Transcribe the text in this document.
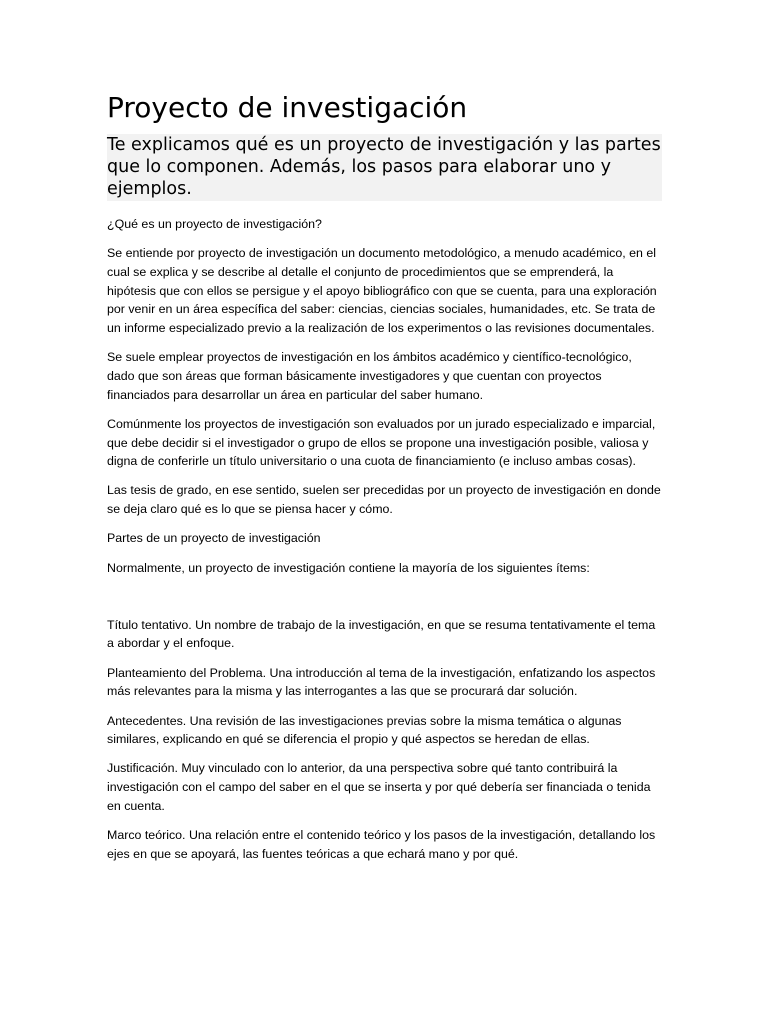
Proyecto de investigación
Te explicamos qué es un proyecto de investigación y las partes que lo componen. Además, los pasos para elaborar uno y ejemplos.

¿Qué es un proyecto de investigación?

Se entiende por proyecto de investigación un documento metodológico, a menudo académico, en el cual se explica y se describe al detalle el conjunto de procedimientos que se emprenderá, la hipótesis que con ellos se persigue y el apoyo bibliográfico con que se cuenta, para una exploración por venir en un área específica del saber: ciencias, ciencias sociales, humanidades, etc. Se trata de un informe especializado previo a la realización de los experimentos o las revisiones documentales.

Se suele emplear proyectos de investigación en los ámbitos académico y científico-tecnológico, dado que son áreas que forman básicamente investigadores y que cuentan con proyectos financiados para desarrollar un área en particular del saber humano.

Comúnmente los proyectos de investigación son evaluados por un jurado especializado e imparcial, que debe decidir si el investigador o grupo de ellos se propone una investigación posible, valiosa y digna de conferirle un título universitario o una cuota de financiamiento (e incluso ambas cosas).

Las tesis de grado, en ese sentido, suelen ser precedidas por un proyecto de investigación en donde se deja claro qué es lo que se piensa hacer y cómo.

Partes de un proyecto de investigación

Normalmente, un proyecto de investigación contiene la mayoría de los siguientes ítems:

Título tentativo. Un nombre de trabajo de la investigación, en que se resuma tentativamente el tema a abordar y el enfoque.

Planteamiento del Problema. Una introducción al tema de la investigación, enfatizando los aspectos más relevantes para la misma y las interrogantes a las que se procurará dar solución.

Antecedentes. Una revisión de las investigaciones previas sobre la misma temática o algunas similares, explicando en qué se diferencia el propio y qué aspectos se heredan de ellas.

Justificación. Muy vinculado con lo anterior, da una perspectiva sobre qué tanto contribuirá la investigación con el campo del saber en el que se inserta y por qué debería ser financiada o tenida en cuenta.

Marco teórico. Una relación entre el contenido teórico y los pasos de la investigación, detallando los ejes en que se apoyará, las fuentes teóricas a que echará mano y por qué.
